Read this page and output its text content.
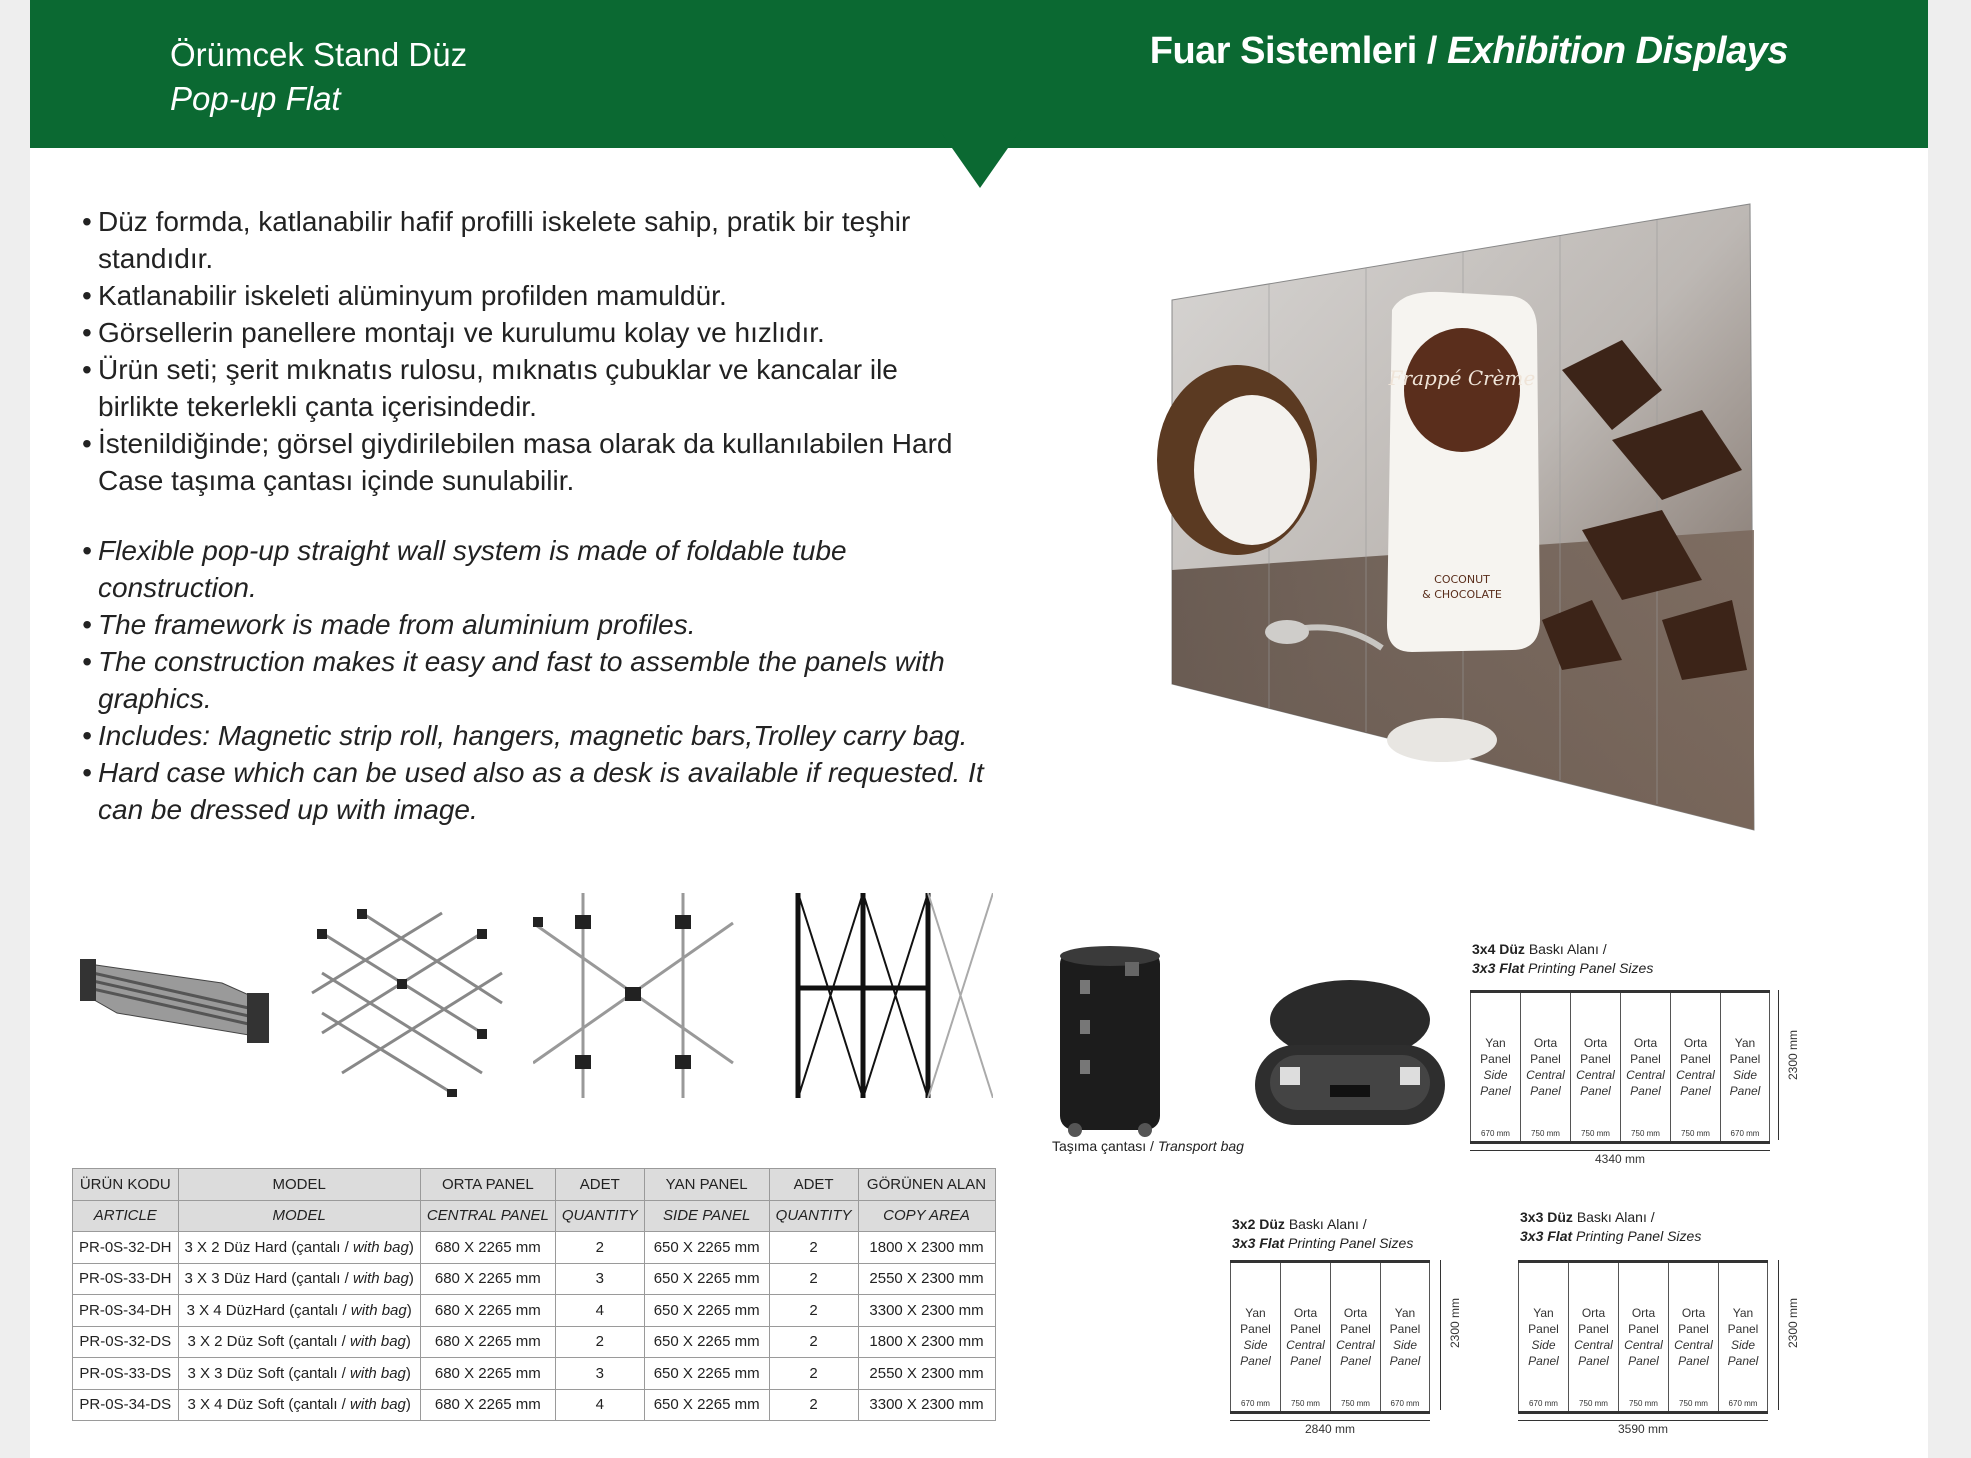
Örümcek Stand Düz
Pop-up Flat
Fuar Sistemleri / Exhibition Displays
• Düz formda, katlanabilir hafif profilli iskelete sahip, pratik bir teşhir standıdır.
• Katlanabilir iskeleti alüminyum profilden mamuldür.
• Görsellerin panellere montajı ve kurulumu kolay ve hızlıdır.
• Ürün seti; şerit mıknatıs rulosu, mıknatıs çubuklar ve kancalar ile birlikte tekerlekli çanta içerisindedir.
• İstenildiğinde; görsel giydirilebilen masa olarak da kullanılabilen Hard Case taşıma çantası içinde sunulabilir.
• Flexible pop-up straight wall system is made of foldable tube construction.
• The framework is made from aluminium profiles.
• The construction makes it easy and fast to assemble the panels with graphics.
• Includes: Magnetic strip roll, hangers, magnetic bars,Trolley carry bag.
• Hard case which can be used also as a desk is available if requested. It can be dressed up with image.
Frappé Crème
COCONUT
& CHOCOLATE
Taşıma çantası / Transport bag
ÜRÜN KODU	MODEL	ORTA PANEL	ADET	YAN PANEL	ADET	GÖRÜNEN ALAN
ARTICLE	MODEL	CENTRAL PANEL	QUANTITY	SIDE PANEL	QUANTITY	COPY AREA
PR-0S-32-DH	3 X 2 Düz Hard (çantalı / with bag)	680 X 2265 mm	2	650 X 2265 mm	2	1800 X 2300 mm
PR-0S-33-DH	3 X 3 Düz Hard (çantalı / with bag)	680 X 2265 mm	3	650 X 2265 mm	2	2550 X 2300 mm
PR-0S-34-DH	3 X 4 DüzHard (çantalı / with bag)	680 X 2265 mm	4	650 X 2265 mm	2	3300 X 2300 mm
PR-0S-32-DS	3 X 2 Düz Soft (çantalı / with bag)	680 X 2265 mm	2	650 X 2265 mm	2	1800 X 2300 mm
PR-0S-33-DS	3 X 3 Düz Soft (çantalı / with bag)	680 X 2265 mm	3	650 X 2265 mm	2	2550 X 2300 mm
PR-0S-34-DS	3 X 4 Düz Soft (çantalı / with bag)	680 X 2265 mm	4	650 X 2265 mm	2	3300 X 2300 mm
3x4 Düz Baskı Alanı /
3x3 Flat Printing Panel Sizes
Yan
Panel
Side
Panel
670 mm
Orta
Panel
Central
Panel
750 mm
Orta
Panel
Central
Panel
750 mm
Orta
Panel
Central
Panel
750 mm
Orta
Panel
Central
Panel
750 mm
Yan
Panel
Side
Panel
670 mm
2300 mm
4340 mm
3x2 Düz Baskı Alanı /
3x3 Flat Printing Panel Sizes
Yan
Panel
Side
Panel
670 mm
Orta
Panel
Central
Panel
750 mm
Orta
Panel
Central
Panel
750 mm
Yan
Panel
Side
Panel
670 mm
2300 mm
2840 mm
3x3 Düz Baskı Alanı /
3x3 Flat Printing Panel Sizes
Yan
Panel
Side
Panel
670 mm
Orta
Panel
Central
Panel
750 mm
Orta
Panel
Central
Panel
750 mm
Orta
Panel
Central
Panel
750 mm
Yan
Panel
Side
Panel
670 mm
2300 mm
3590 mm
